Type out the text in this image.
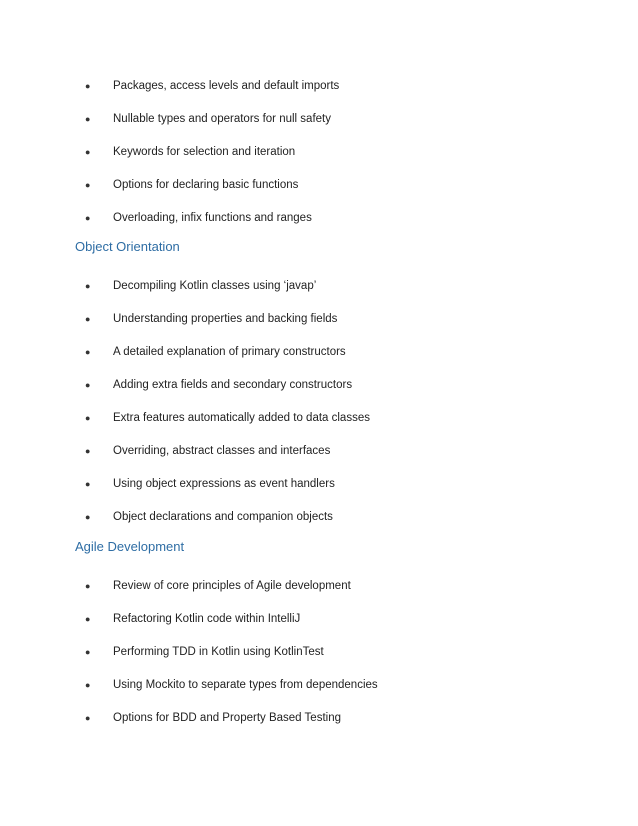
● Packages, access levels and default imports
● Nullable types and operators for null safety
● Keywords for selection and iteration
● Options for declaring basic functions
● Overloading, infix functions and ranges
Object Orientation
● Decompiling Kotlin classes using ‘javap’
● Understanding properties and backing fields
● A detailed explanation of primary constructors
● Adding extra fields and secondary constructors
● Extra features automatically added to data classes
● Overriding, abstract classes and interfaces
● Using object expressions as event handlers
● Object declarations and companion objects
Agile Development
● Review of core principles of Agile development
● Refactoring Kotlin code within IntelliJ
● Performing TDD in Kotlin using KotlinTest
● Using Mockito to separate types from dependencies
● Options for BDD and Property Based Testing
